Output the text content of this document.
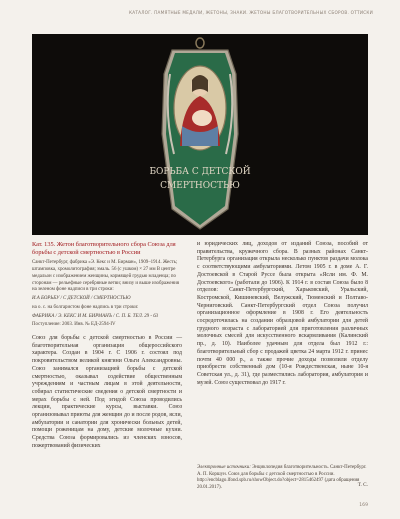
КАТАЛОГ. ПАМЯТНЫЕ МЕДАЛИ, ЖЕТОНЫ, ЗНАКИ. ЖЕТОНЫ БЛАГОТВОРИТЕЛЬНЫХ СБОРОВ. ОТТИСКИ
БОРЬБА С ДЕТСКОЙ
СМЕРТНОСТЬЮ

Кат. 135. Жетон благотворительного сбора Союза для борьбы с детской смертностью в России

Санкт-Петербург, фабрика «Э. Кекс и М. Бирман», 1909–1914. Жесть; штамповка, хромолитография; эмаль. 56 (с ушком) × 27 мм В центре медальон с изображением женщины, кормящей грудью младенца; по сторонам — рельефные серебряные ветви; внизу и выше изображения на зеленом фоне надписи в три строки:

И.А БОРЬБУ / С ДЕТСКОЙ / СМЕРТНОСТЬЮ

на о. с. на болгаристом фоне надпись в три строки:

ФАБРИКА / Э. КЕКС И М. БИРМАНЪ / С. П. Б. ТЕЛ. 29 - 63

Поступление: 2003. Инв. № ЕД-2594-IV

Союз для борьбы с детской смертностью в России — благотворительная организация общероссийского характера. Создан в 1904 г. С 1906 г. состоял под покровительством великой княгини Ольги Александровны. Союз занимался организацией борьбы с детской смертностью, оказывал содействие общественным учреждениям и частным лицам в этой деятельности, собирал статистические сведения о детской смертности и мерах борьбы с ней. Под эгидой Союза проводились лекции, практические курсы, выставки. Союз организовывал приюты для женщин до и после родов, ясли, амбулатории и санатории для хронически больных детей, помощи роженицам на дому, детские молочные кухни. Средства Союза формировались из членских взносов, пожертвований физических

и юридических лиц, доходов от изданий Союза, пособий от правительства, кружечного сбора. В разных районах Санкт-Петербурга организация открыла несколько пунктов раздачи молока с соответствующими амбулаториями. Летом 1905 г. в доме А. Г. Достоевской в Старой Руссе была открыта «Ясли им. Ф. М. Достоевского» (работали до 1906). К 1914 г. в состав Союза было 8 отделов: Санкт-Петербургский, Харьковский, Уральский, Костромской, Кишиневский, Велужский, Тюменский и Полтаво-Черниговский. Санкт-Петербургский отдел Союза получил организационное оформление в 1908 г. Его деятельность сосредоточилась на создании образцовой амбулатории для детей грудного возраста с лабораторией для приготовления различных молочных смесей для искусственного вскармливания (Калинский пр., д. 10). Наиболее удачным для отдела был 1912 г.: благотворительный сбор с продажей цветка 24 марта 1912 г. принес почти 40 000 р., а также прочие доходы позволили отделу приобрести собственный дом (10-я Рождественская, ныне 10-я Советская ул., д. 31), где разместились лаборатория, амбулатория и музей. Союз существовал до 1917 г.

Электронные источники: Энциклопедия благотворительность. Санкт-Петербург. А. П. Коршун. Союз для борьбы с детской смертностью в России. http://encblago.lfond.spb.ru/showObject.do?object=2815462497 (дата обращения 20.01.2017).	Т. С.
169
